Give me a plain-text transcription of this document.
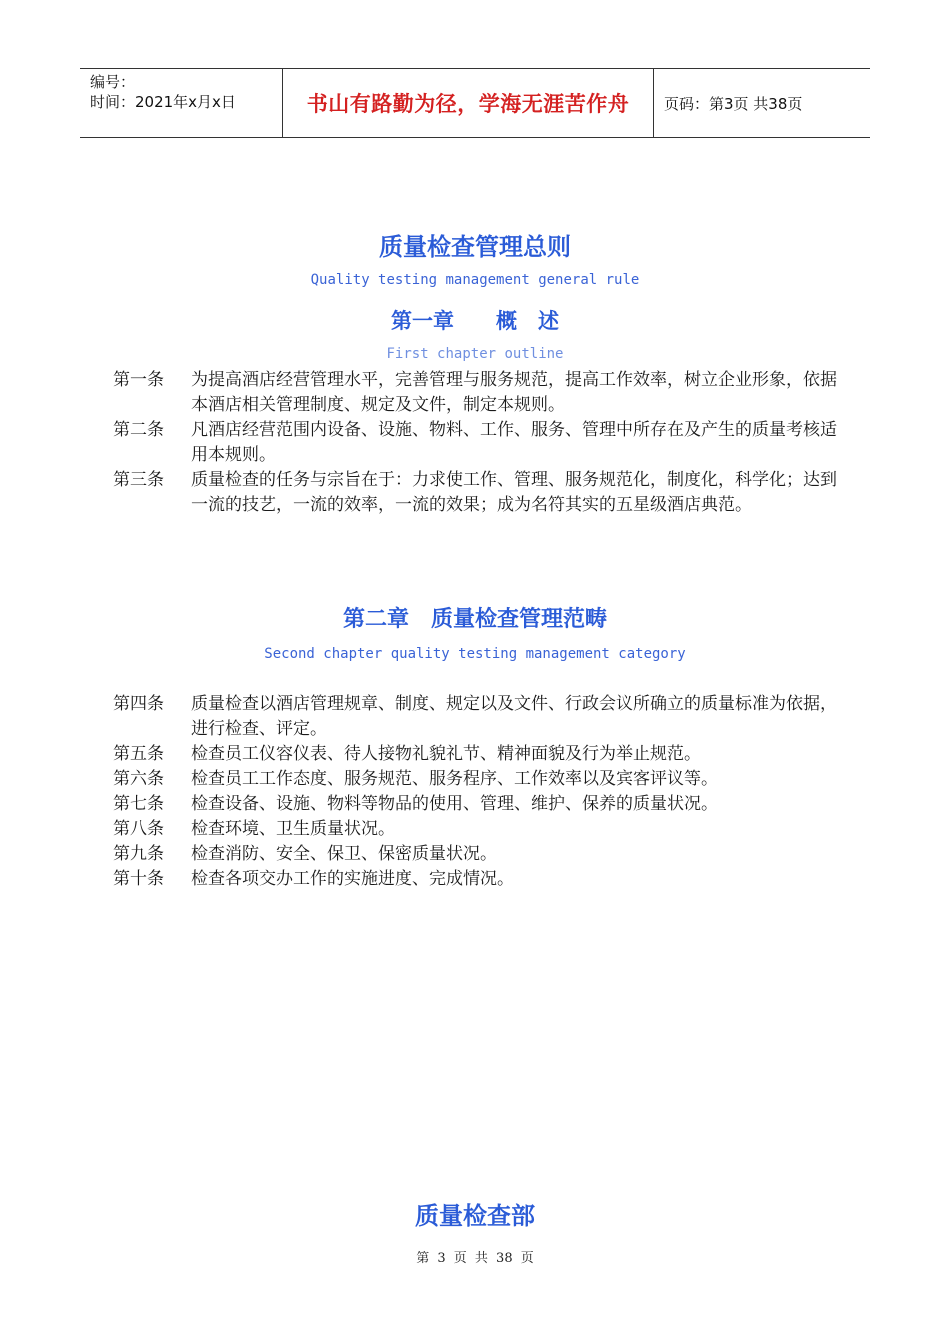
编号：
时间：2021年x月x日	书山有路勤为径，学海无涯苦作舟	页码：第3页 共38页
质量检查管理总则
Quality testing management general rule
第一章　　概　述
First chapter outline
第一条	为提高酒店经营管理水平，完善管理与服务规范，提高工作效率，树立企业形象，依据本酒店相关管理制度、规定及文件，制定本规则。
第二条	凡酒店经营范围内设备、设施、物料、工作、服务、管理中所存在及产生的质量考核适用本规则。
第三条	质量检查的任务与宗旨在于：力求使工作、管理、服务规范化，制度化，科学化；达到一流的技艺，一流的效率，一流的效果；成为名符其实的五星级酒店典范。
第二章　质量检查管理范畴
Second chapter quality testing management category
第四条	质量检查以酒店管理规章、制度、规定以及文件、行政会议所确立的质量标准为依据，进行检查、评定。
第五条	检查员工仪容仪表、待人接物礼貌礼节、精神面貌及行为举止规范。
第六条	检查员工工作态度、服务规范、服务程序、工作效率以及宾客评议等。
第七条	检查设备、设施、物料等物品的使用、管理、维护、保养的质量状况。
第八条	检查环境、卫生质量状况。
第九条	检查消防、安全、保卫、保密质量状况。
第十条	检查各项交办工作的实施进度、完成情况。
质量检查部
第 3 页 共 38 页
